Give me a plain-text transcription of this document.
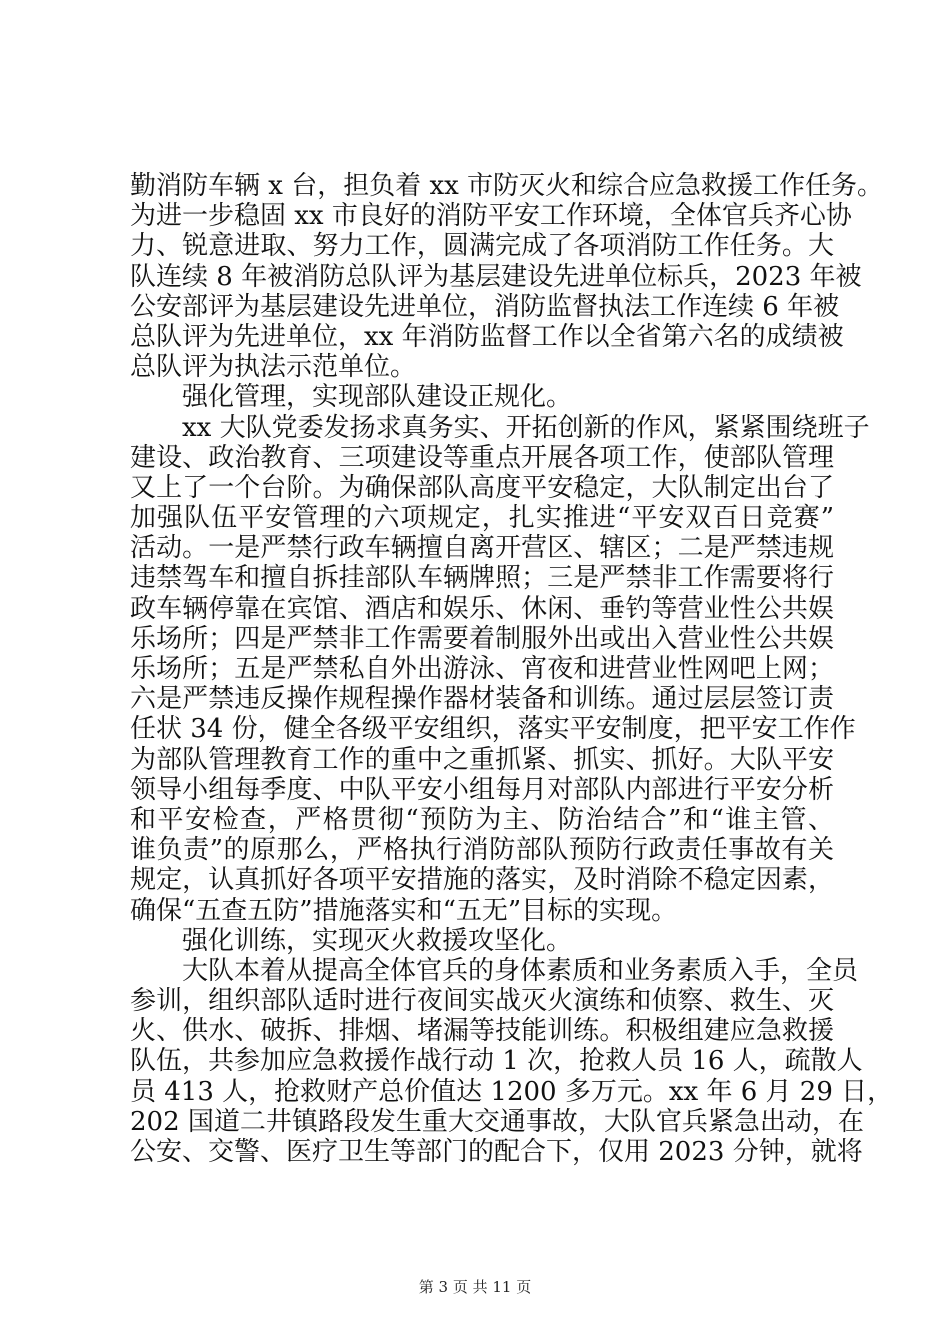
勤消防车辆 x 台，担负着 xx 市防灭火和综合应急救援工作任务。
为进一步稳固 xx 市良好的消防平安工作环境，全体官兵齐心协
力、锐意进取、努力工作，圆满完成了各项消防工作任务。大
队连续 8 年被消防总队评为基层建设先进单位标兵，2023 年被
公安部评为基层建设先进单位，消防监督执法工作连续 6 年被
总队评为先进单位，xx 年消防监督工作以全省第六名的成绩被
总队评为执法示范单位。
　　强化管理，实现部队建设正规化。
　　xx 大队党委发扬求真务实、开拓创新的作风，紧紧围绕班子
建设、政治教育、三项建设等重点开展各项工作，使部队管理
又上了一个台阶。为确保部队高度平安稳定，大队制定出台了
加强队伍平安管理的六项规定，扎实推进“平安双百日竞赛”
活动。一是严禁行政车辆擅自离开营区、辖区；二是严禁违规
违禁驾车和擅自拆挂部队车辆牌照；三是严禁非工作需要将行
政车辆停靠在宾馆、酒店和娱乐、休闲、垂钓等营业性公共娱
乐场所；四是严禁非工作需要着制服外出或出入营业性公共娱
乐场所；五是严禁私自外出游泳、宵夜和进营业性网吧上网；
六是严禁违反操作规程操作器材装备和训练。通过层层签订责
任状 34 份，健全各级平安组织，落实平安制度，把平安工作作
为部队管理教育工作的重中之重抓紧、抓实、抓好。大队平安
领导小组每季度、中队平安小组每月对部队内部进行平安分析
和平安检查，严格贯彻“预防为主、防治结合”和“谁主管、
谁负责”的原那么，严格执行消防部队预防行政责任事故有关
规定，认真抓好各项平安措施的落实，及时消除不稳定因素，
确保“五查五防”措施落实和“五无”目标的实现。
　　强化训练，实现灭火救援攻坚化。
　　大队本着从提高全体官兵的身体素质和业务素质入手，全员
参训，组织部队适时进行夜间实战灭火演练和侦察、救生、灭
火、供水、破拆、排烟、堵漏等技能训练。积极组建应急救援
队伍，共参加应急救援作战行动 1 次，抢救人员 16 人，疏散人
员 413 人，抢救财产总价值达 1200 多万元。xx 年 6 月 29 日，
202 国道二井镇路段发生重大交通事故，大队官兵紧急出动，在
公安、交警、医疗卫生等部门的配合下，仅用 2023 分钟，就将
第 3 页 共 11 页
